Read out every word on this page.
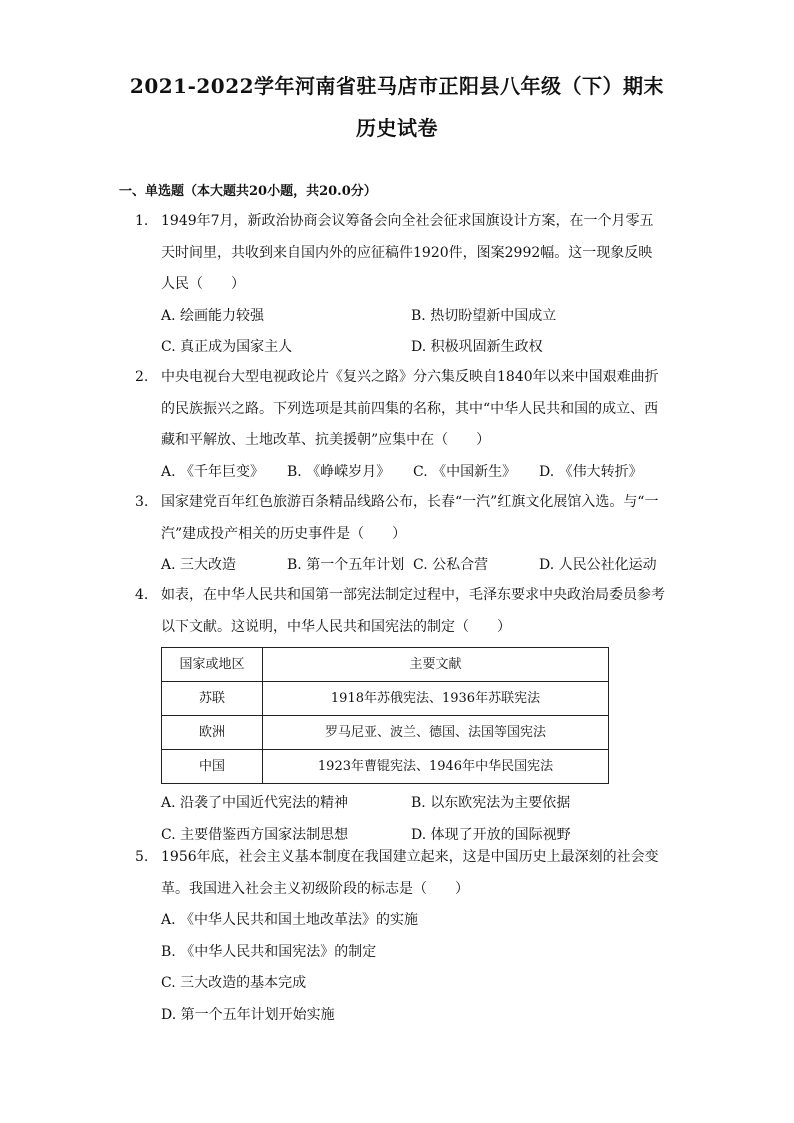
2021-2022学年河南省驻马店市正阳县八年级（下）期末
历史试卷
一、单选题（本大题共20小题，共20.0分）
1. 1949年7月，新政治协商会议筹备会向全社会征求国旗设计方案，在一个月零五天时间里，共收到来自国内外的应征稿件1920件，图案2992幅。这一现象反映人民（　　）
A. 绘画能力较强	B. 热切盼望新中国成立
C. 真正成为国家主人	D. 积极巩固新生政权
2. 中央电视台大型电视政论片《复兴之路》分六集反映自1840年以来中国艰难曲折的民族振兴之路。下列选项是其前四集的名称，其中“中华人民共和国的成立、西藏和平解放、土地改革、抗美援朝”应集中在（　　）
A. 《千年巨变》 B. 《峥嵘岁月》 C. 《中国新生》 D. 《伟大转折》
3. 国家建党百年红色旅游百条精品线路公布，长春“一汽”红旗文化展馆入选。与“一汽”建成投产相关的历史事件是（　　）
A. 三大改造	B. 第一个五年计划 C. 公私合营	D. 人民公社化运动
4. 如表，在中华人民共和国第一部宪法制定过程中，毛泽东要求中央政治局委员参考以下文献。这说明，中华人民共和国宪法的制定（　　）
国家或地区	主要文献
苏联	1918年苏俄宪法、1936年苏联宪法
欧洲	罗马尼亚、波兰、德国、法国等国宪法
中国	1923年曹锟宪法、1946年中华民国宪法
A. 沿袭了中国近代宪法的精神	B. 以东欧宪法为主要依据
C. 主要借鉴西方国家法制思想	D. 体现了开放的国际视野
5. 1956年底，社会主义基本制度在我国建立起来，这是中国历史上最深刻的社会变革。我国进入社会主义初级阶段的标志是（　　）
A. 《中华人民共和国土地改革法》的实施
B. 《中华人民共和国宪法》的制定
C. 三大改造的基本完成
D. 第一个五年计划开始实施
